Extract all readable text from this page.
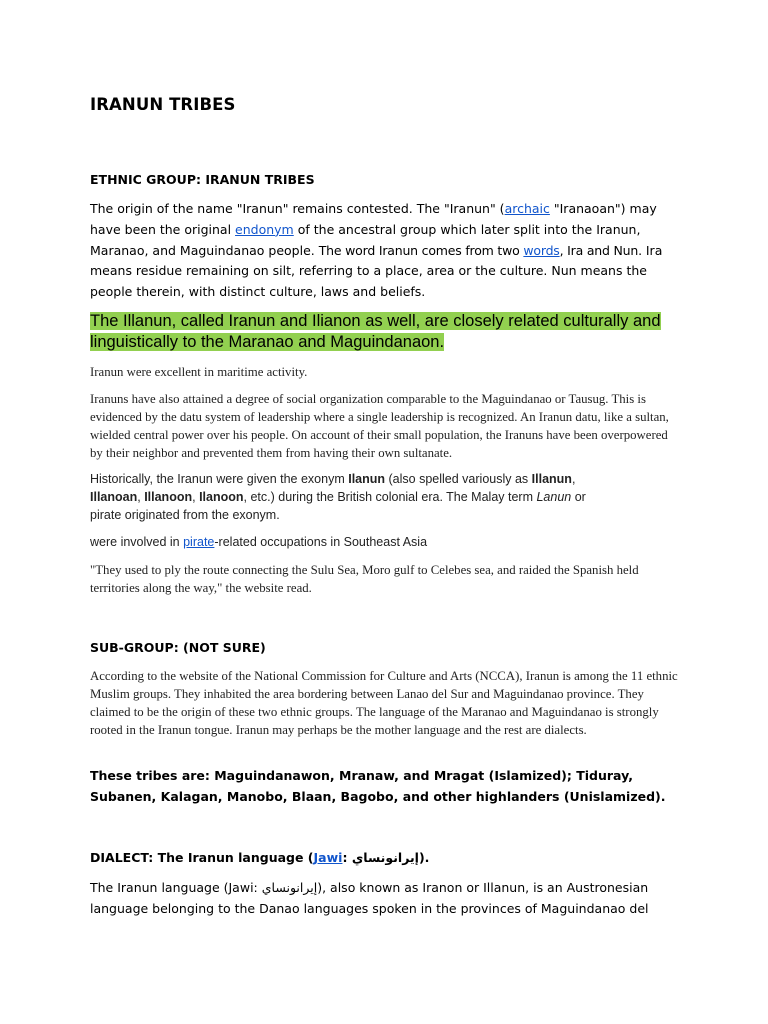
IRANUN TRIBES
ETHNIC GROUP: IRANUN TRIBES

The origin of the name "Iranun" remains contested. The "Iranun" (archaic "Iranaoan") may have been the original endonym of the ancestral group which later split into the Iranun, Maranao, and Maguindanao people. The word Iranun comes from two words, Ira and Nun. Ira means residue remaining on silt, referring to a place, area or the culture. Nun means the people therein, with distinct culture, laws and beliefs.

The Illanun, called Iranun and Ilianon as well, are closely related culturally and linguistically to the Maranao and Maguindanaon.

Iranun were excellent in maritime activity.

Iranuns have also attained a degree of social organization comparable to the Maguindanao or Tausug. This is evidenced by the datu system of leadership where a single leadership is recognized. An Iranun datu, like a sultan, wielded central power over his people. On account of their small population, the Iranuns have been overpowered by their neighbor and prevented them from having their own sultanate.

Historically, the Iranun were given the exonym Ilanun (also spelled variously as Illanun, Illanoan, Illanoon, Ilanoon, etc.) during the British colonial era. The Malay term Lanun or pirate originated from the exonym.

were involved in pirate-related occupations in Southeast Asia

"They used to ply the route connecting the Sulu Sea, Moro gulf to Celebes sea, and raided the Spanish held territories along the way," the website read.

SUB-GROUP: (NOT SURE)

According to the website of the National Commission for Culture and Arts (NCCA), Iranun is among the 11 ethnic Muslim groups. They inhabited the area bordering between Lanao del Sur and Maguindanao province. They claimed to be the origin of these two ethnic groups. The language of the Maranao and Maguindanao is strongly rooted in the Iranun tongue. Iranun may perhaps be the mother language and the rest are dialects.

These tribes are: Maguindanawon, Mranaw, and Mragat (Islamized); Tiduray, Subanen, Kalagan, Manobo, Blaan, Bagobo, and other highlanders (Unislamized).

DIALECT: The Iranun language (Jawi: إيرانونساي).

The Iranun language (Jawi: إيرانونساي), also known as Iranon or Illanun, is an Austronesian language belonging to the Danao languages spoken in the provinces of Maguindanao del
